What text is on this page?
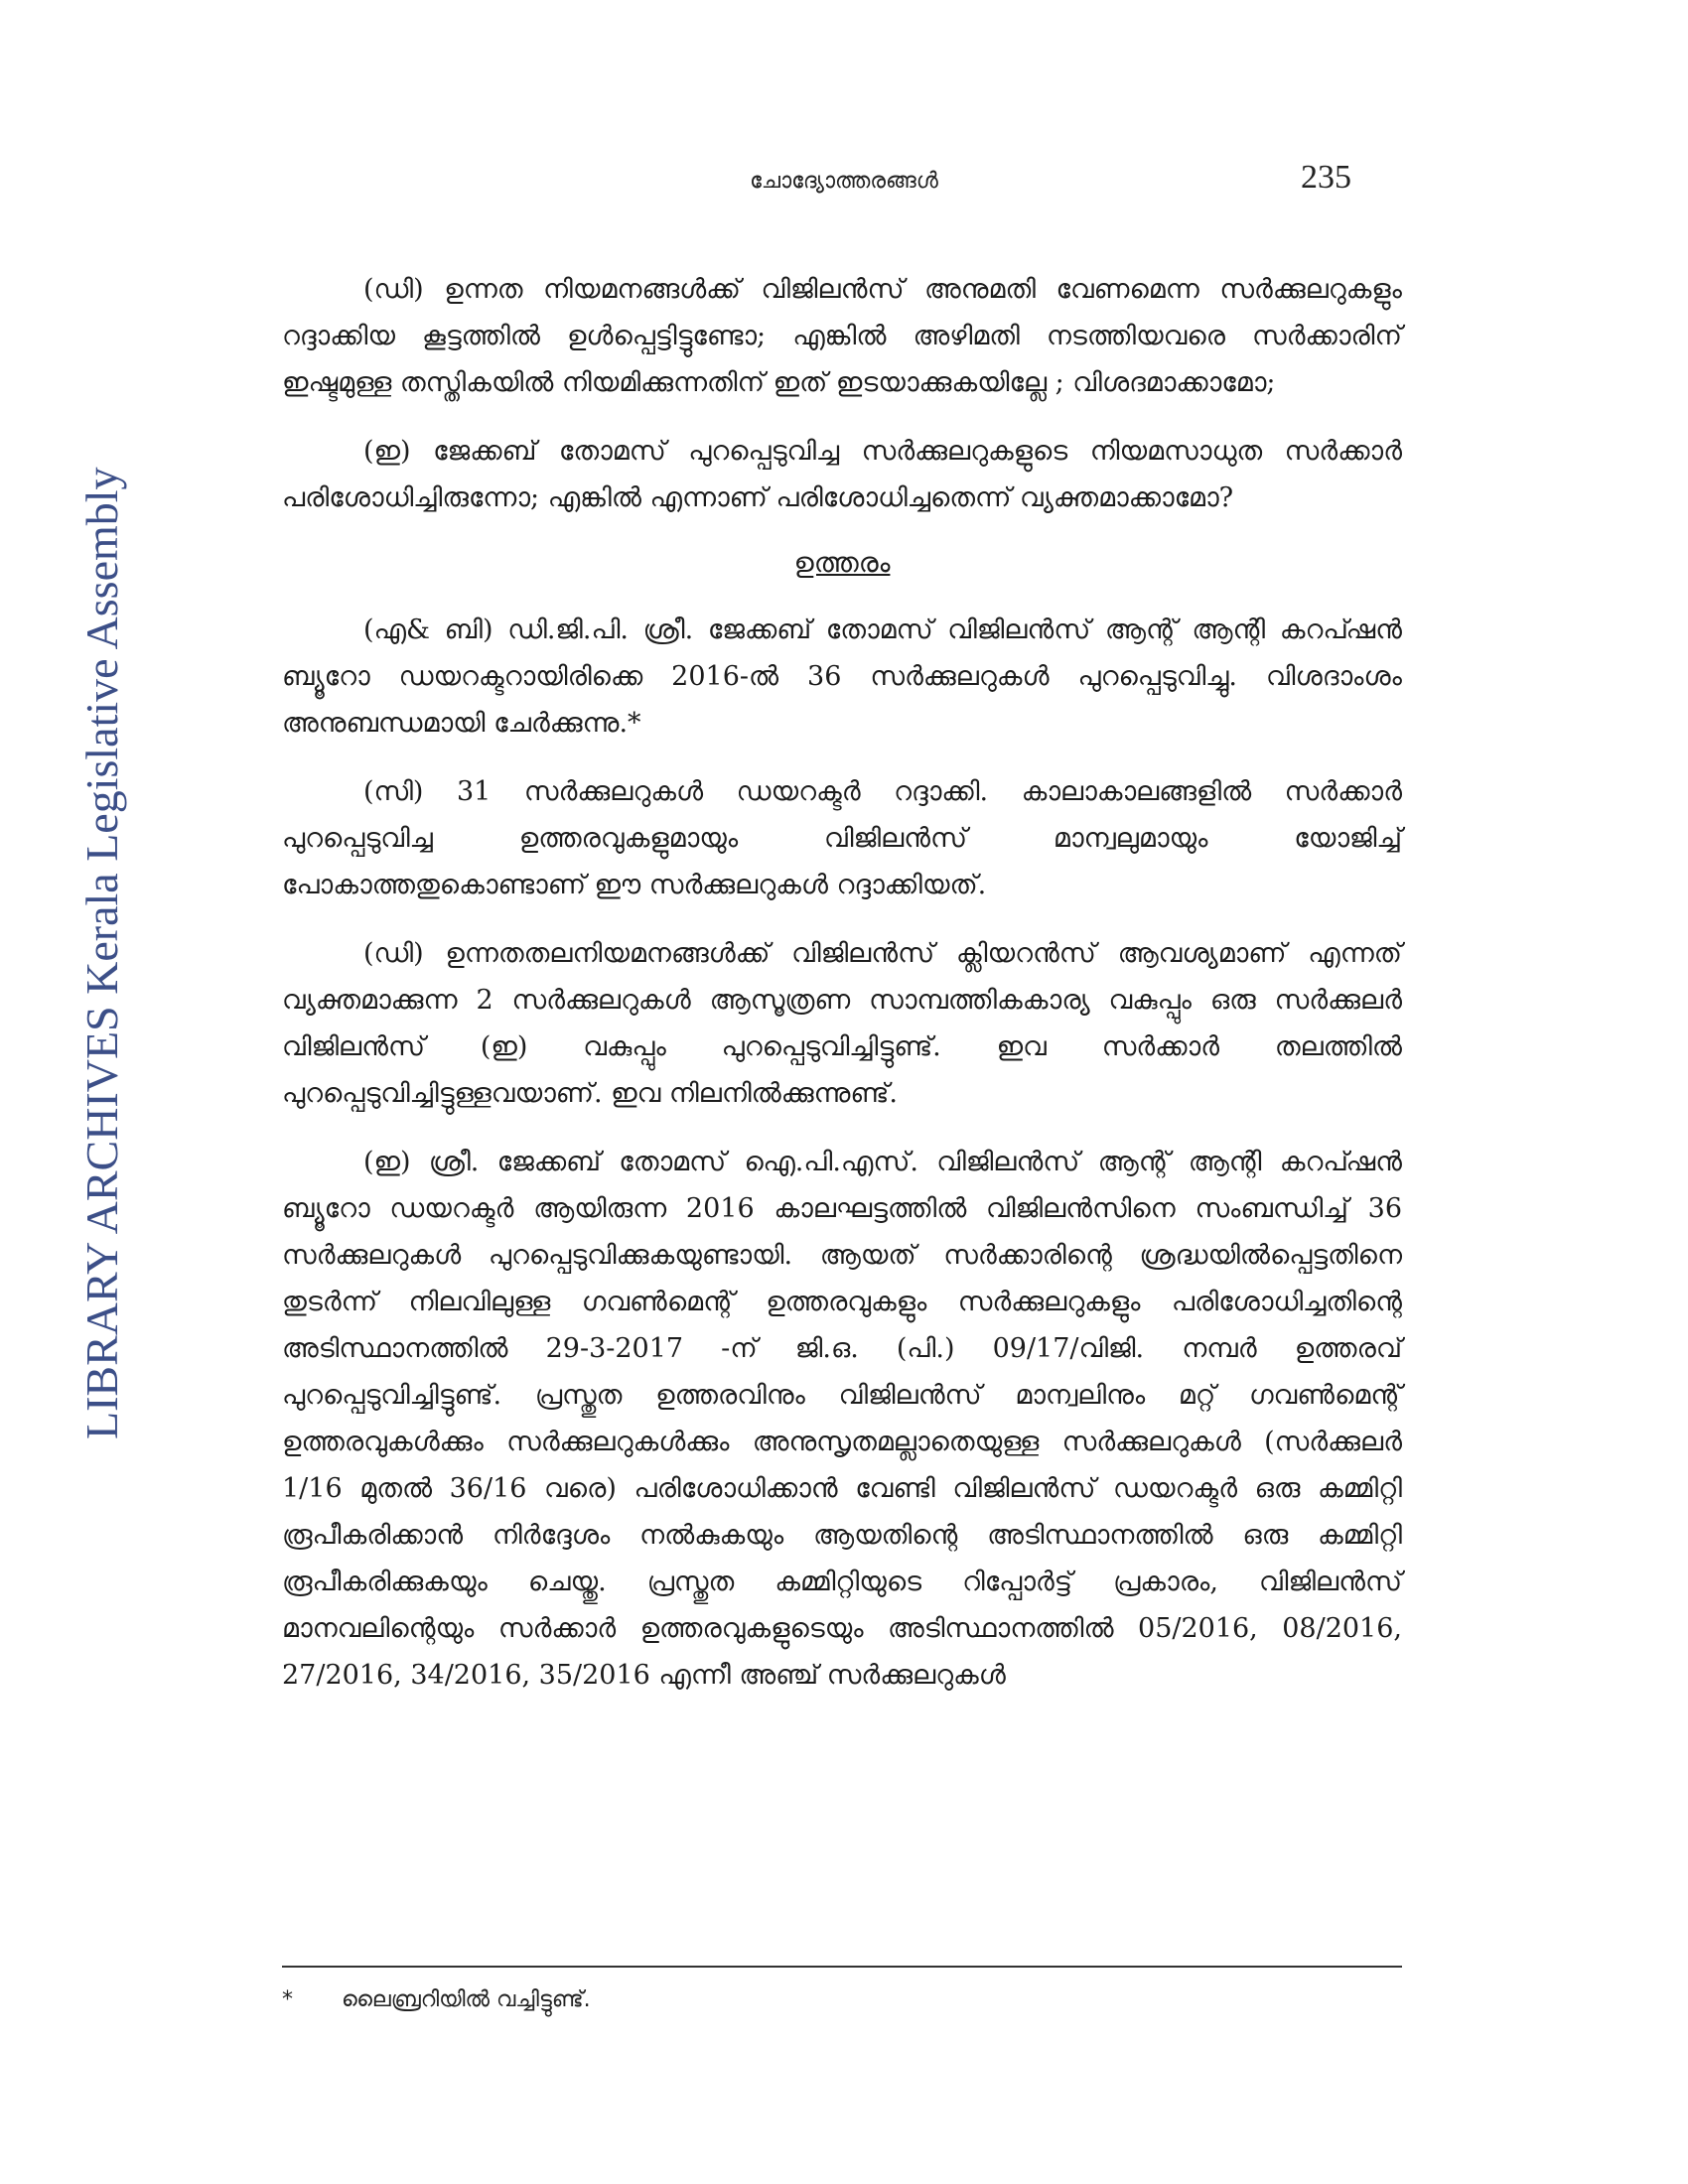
LIBRARY ARCHIVES Kerala Legislative Assembly
ചോദ്യോത്തരങ്ങൾ	235

(ഡി) ഉന്നത നിയമനങ്ങൾക്ക് വിജിലൻസ് അനുമതി വേണമെന്ന സർക്കുലറുകളും റദ്ദാക്കിയ കൂട്ടത്തിൽ ഉൾപ്പെട്ടിട്ടുണ്ടോ; എങ്കിൽ അഴിമതി നടത്തിയവരെ സർക്കാരിന് ഇഷ്ടമുള്ള തസ്തികയിൽ നിയമിക്കുന്നതിന് ഇത് ഇടയാക്കുകയില്ലേ ; വിശദമാക്കാമോ;

(ഇ) ജേക്കബ് തോമസ് പുറപ്പെടുവിച്ച സർക്കുലറുകളുടെ നിയമസാധുത സർക്കാർ പരിശോധിച്ചിരുന്നോ; എങ്കിൽ എന്നാണ് പരിശോധിച്ചതെന്ന് വ്യക്തമാക്കാമോ?

ഉത്തരം

(എ& ബി) ഡി.ജി.പി. ശ്രീ. ജേക്കബ് തോമസ് വിജിലൻസ് ആന്റ് ആന്റി കറപ്ഷൻ ബ്യൂറോ ഡയറക്ടറായിരിക്കെ 2016-ൽ 36 സർക്കുലറുകൾ പുറപ്പെടുവിച്ചു. വിശദാംശം അനുബന്ധമായി ചേർക്കുന്നു.*

(സി) 31 സർക്കുലറുകൾ ഡയറക്ടർ റദ്ദാക്കി. കാലാകാലങ്ങളിൽ സർക്കാർ പുറപ്പെടുവിച്ച ഉത്തരവുകളുമായും വിജിലൻസ് മാന്വലുമായും യോജിച്ച് പോകാത്തതുകൊണ്ടാണ് ഈ സർക്കുലറുകൾ റദ്ദാക്കിയത്.

(ഡി) ഉന്നതതലനിയമനങ്ങൾക്ക് വിജിലൻസ് ക്ലിയറൻസ് ആവശ്യമാണ് എന്നത് വ്യക്തമാക്കുന്ന 2 സർക്കുലറുകൾ ആസൂത്രണ സാമ്പത്തികകാര്യ വകുപ്പും ഒരു സർക്കുലർ വിജിലൻസ് (ഇ) വകുപ്പും പുറപ്പെടുവിച്ചിട്ടുണ്ട്. ഇവ സർക്കാർ തലത്തിൽ പുറപ്പെടുവിച്ചിട്ടുള്ളവയാണ്. ഇവ നിലനിൽക്കുന്നുണ്ട്.

(ഇ) ശ്രീ. ജേക്കബ് തോമസ് ഐ.പി.എസ്. വിജിലൻസ് ആന്റ് ആന്റി കറപ്ഷൻ ബ്യൂറോ ഡയറക്ടർ ആയിരുന്ന 2016 കാലഘട്ടത്തിൽ വിജിലൻസിനെ സംബന്ധിച്ച് 36 സർക്കുലറുകൾ പുറപ്പെടുവിക്കുകയുണ്ടായി. ആയത് സർക്കാരിന്റെ ശ്രദ്ധയിൽപ്പെട്ടതിനെ തുടർന്ന് നിലവിലുള്ള ഗവൺമെന്റ് ഉത്തരവുകളും സർക്കുലറുകളും പരിശോധിച്ചതിന്റെ അടിസ്ഥാനത്തിൽ 29-3-2017 -ന് ജി.ഒ. (പി.) 09/17/വിജി. നമ്പർ ഉത്തരവ് പുറപ്പെടുവിച്ചിട്ടുണ്ട്. പ്രസ്തുത ഉത്തരവിനും വിജിലൻസ് മാന്വലിനും മറ്റ് ഗവൺമെന്റ് ഉത്തരവുകൾക്കും സർക്കുലറുകൾക്കും അനുസൃതമല്ലാതെയുള്ള സർക്കുലറുകൾ (സർക്കുലർ 1/16 മുതൽ 36/16 വരെ) പരിശോധിക്കാൻ വേണ്ടി വിജിലൻസ് ഡയറക്ടർ ഒരു കമ്മിറ്റി രൂപീകരിക്കാൻ നിർദ്ദേശം നൽകുകയും ആയതിന്റെ അടിസ്ഥാനത്തിൽ ഒരു കമ്മിറ്റി രൂപീകരിക്കുകയും ചെയ്തു. പ്രസ്തുത കമ്മിറ്റിയുടെ റിപ്പോർട്ട് പ്രകാരം, വിജിലൻസ് മാനവലിന്റെയും സർക്കാർ ഉത്തരവുകളുടെയും അടിസ്ഥാനത്തിൽ 05/2016, 08/2016, 27/2016, 34/2016, 35/2016 എന്നീ അഞ്ച് സർക്കുലറുകൾ

* ലൈബ്രറിയിൽ വച്ചിട്ടുണ്ട്.
